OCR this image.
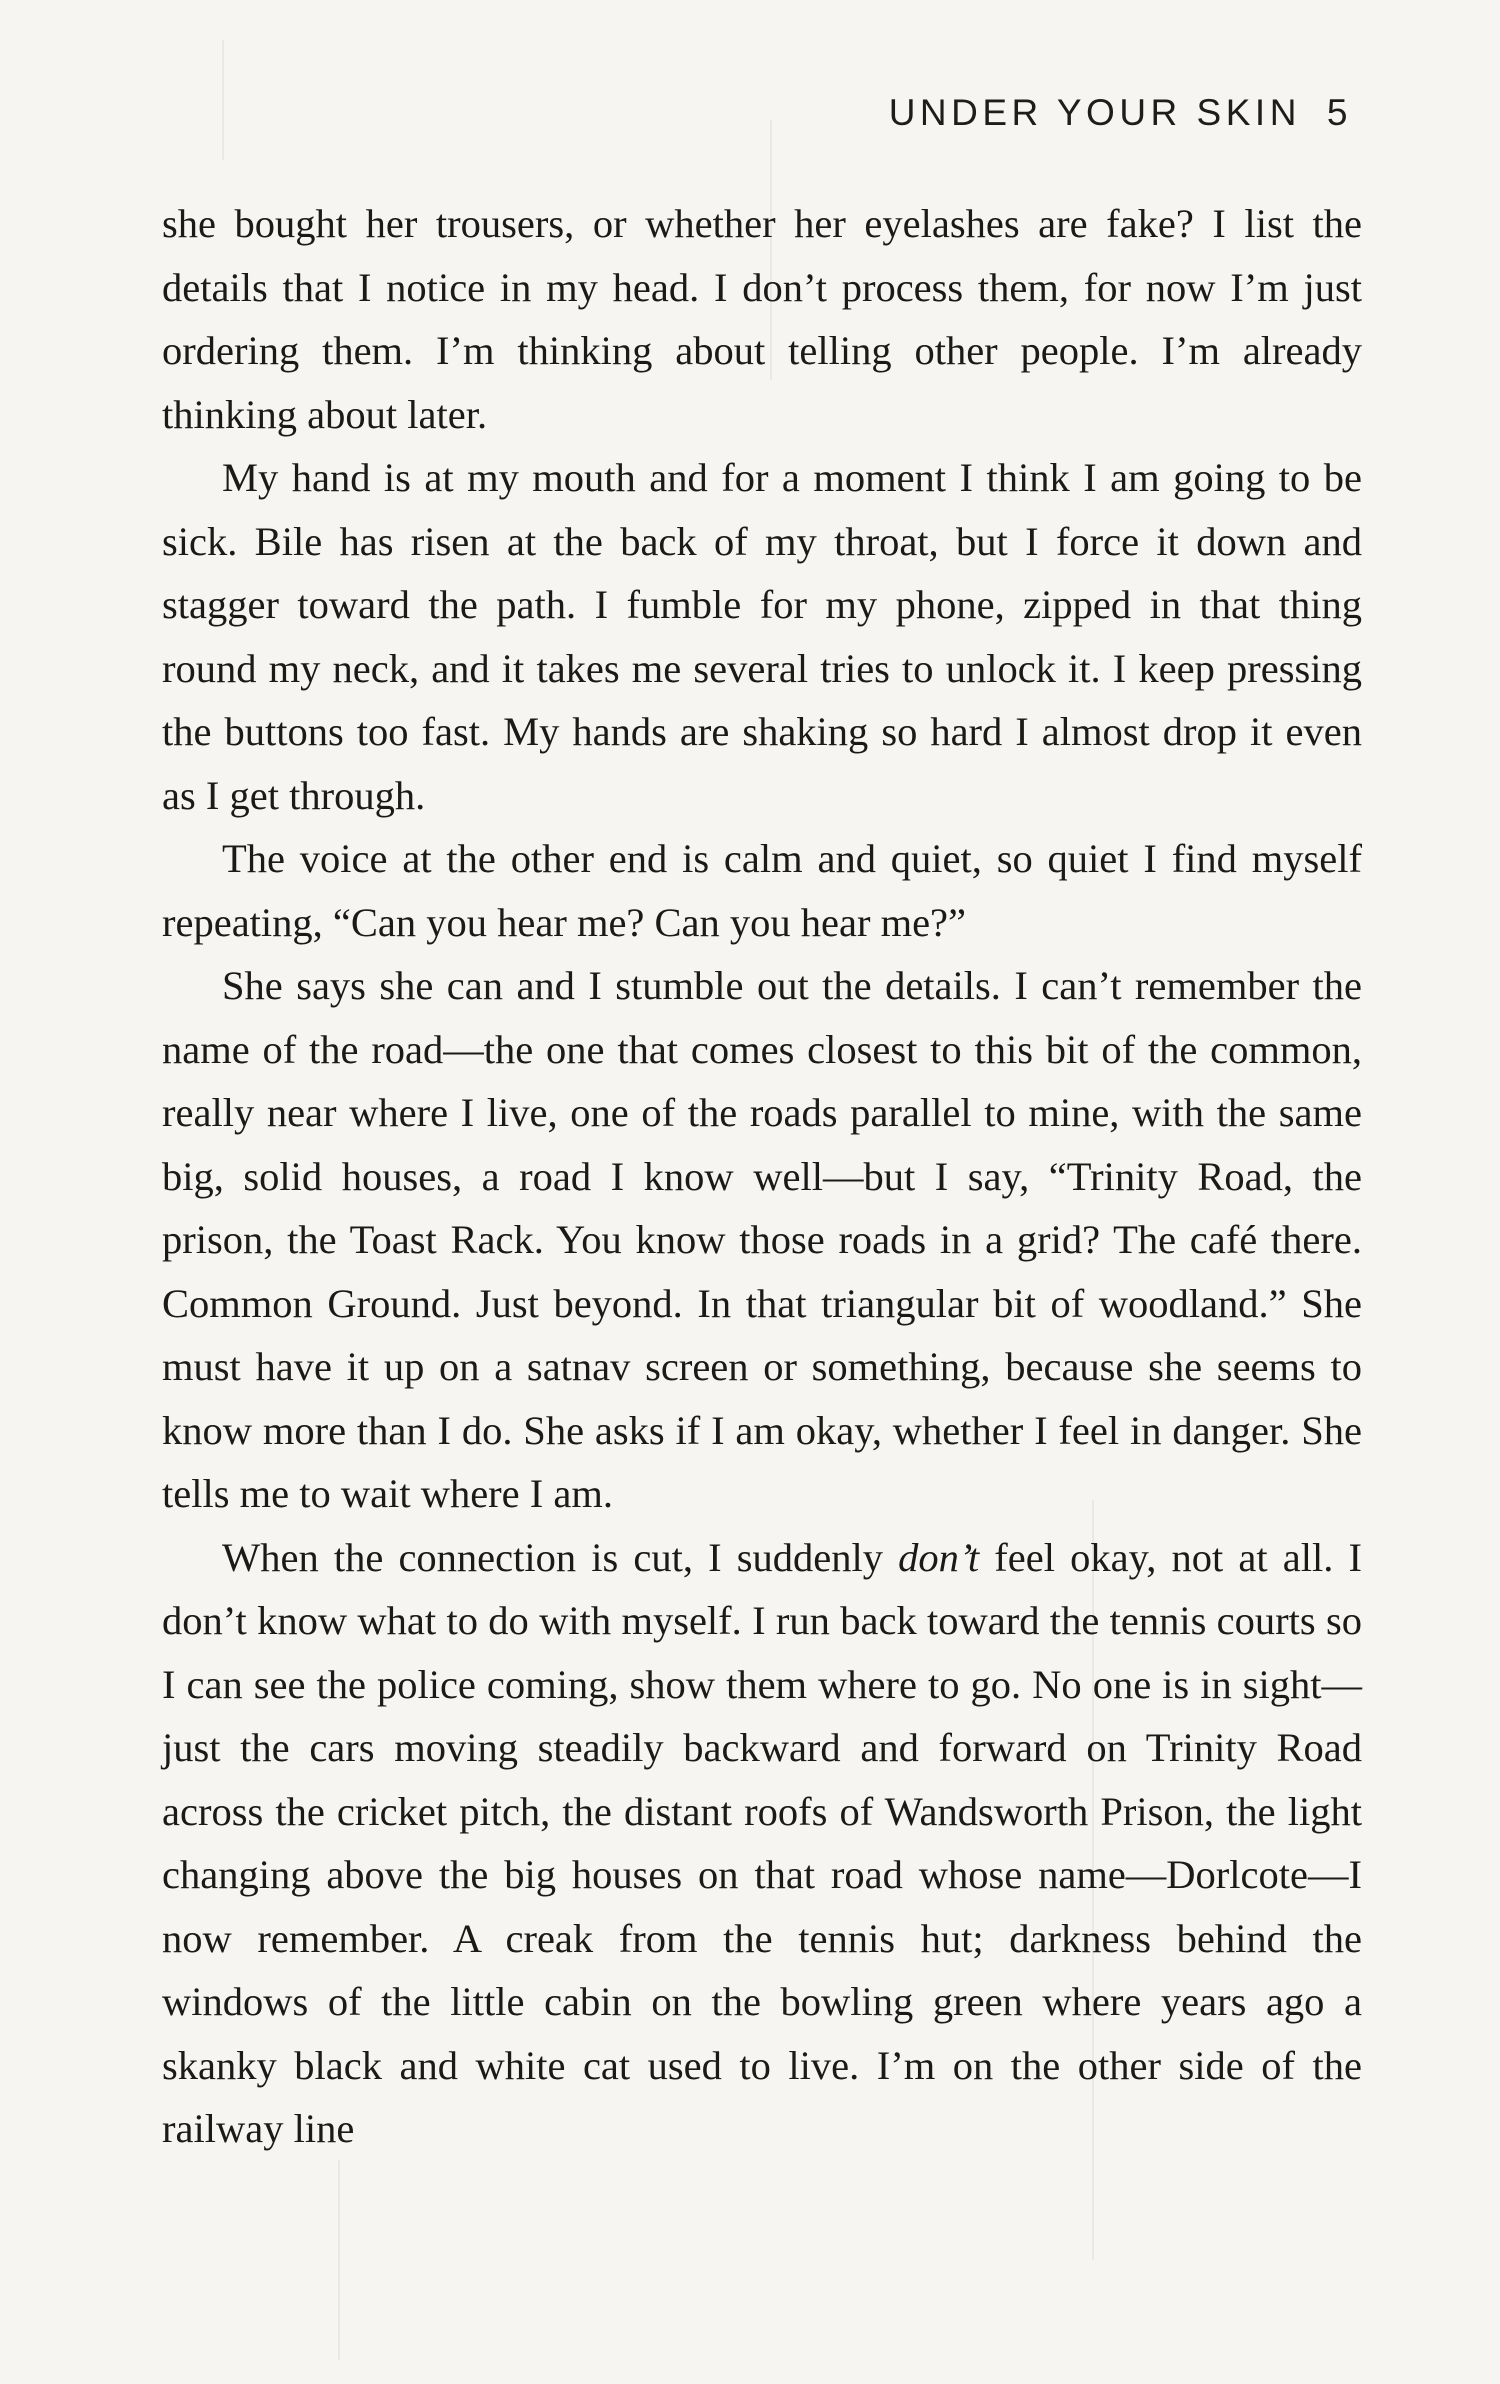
UNDER YOUR SKIN 5

she bought her trousers, or whether her eyelashes are fake? I list the details that I notice in my head. I don’t process them, for now I’m just ordering them. I’m thinking about telling other people. I’m already thinking about later.

My hand is at my mouth and for a moment I think I am going to be sick. Bile has risen at the back of my throat, but I force it down and stagger toward the path. I fumble for my phone, zipped in that thing round my neck, and it takes me several tries to unlock it. I keep pressing the buttons too fast. My hands are shaking so hard I almost drop it even as I get through.

The voice at the other end is calm and quiet, so quiet I find myself repeating, “Can you hear me? Can you hear me?”

She says she can and I stumble out the details. I can’t remember the name of the road—the one that comes closest to this bit of the common, really near where I live, one of the roads parallel to mine, with the same big, solid houses, a road I know well—but I say, “Trinity Road, the prison, the Toast Rack. You know those roads in a grid? The café there. Common Ground. Just beyond. In that triangular bit of woodland.” She must have it up on a satnav screen or something, because she seems to know more than I do. She asks if I am okay, whether I feel in danger. She tells me to wait where I am.

When the connection is cut, I suddenly don’t feel okay, not at all. I don’t know what to do with myself. I run back toward the tennis courts so I can see the police coming, show them where to go. No one is in sight—just the cars moving steadily backward and forward on Trinity Road across the cricket pitch, the distant roofs of Wandsworth Prison, the light changing above the big houses on that road whose name—Dorlcote—I now remember. A creak from the tennis hut; darkness behind the windows of the little cabin on the bowling green where years ago a skanky black and white cat used to live. I’m on the other side of the railway line
